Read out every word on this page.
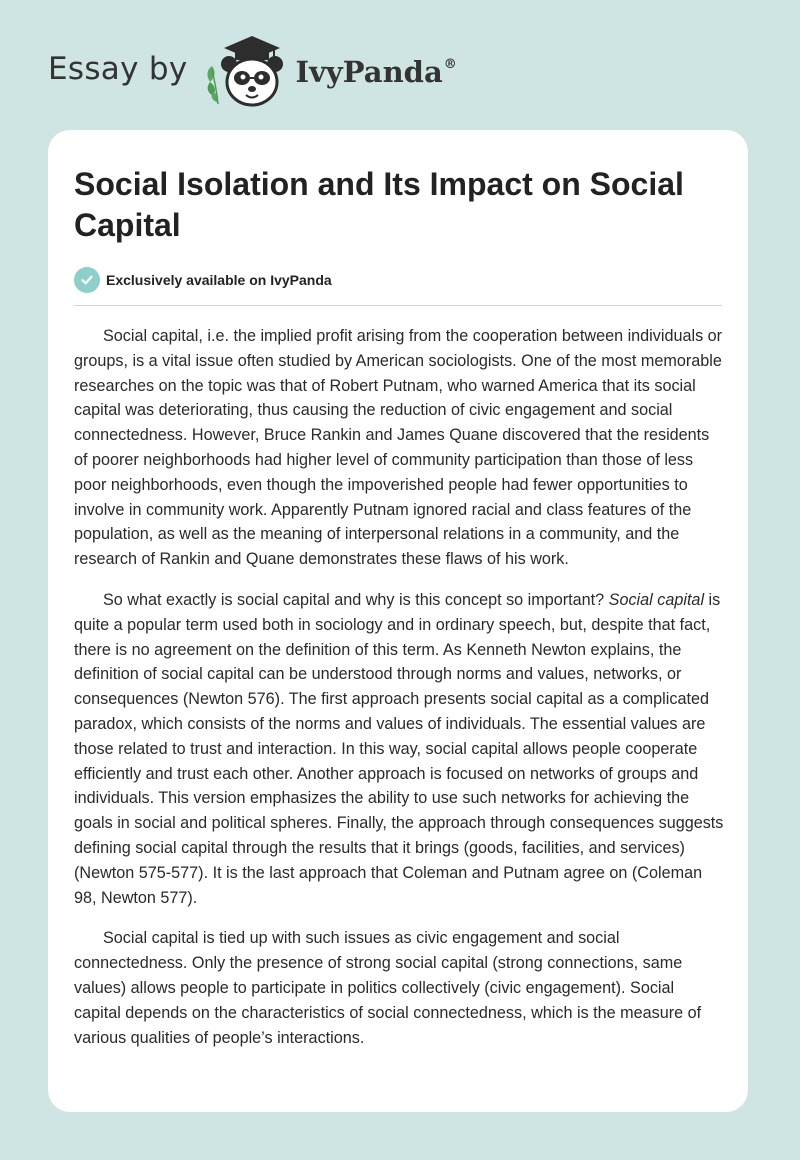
Essay by	IvyPanda®
Social Isolation and Its Impact on Social Capital
Exclusively available on IvyPanda

Social capital, i.e. the implied profit arising from the cooperation between individuals or groups, is a vital issue often studied by American sociologists. One of the most memorable researches on the topic was that of Robert Putnam, who warned America that its social capital was deteriorating, thus causing the reduction of civic engagement and social connectedness. However, Bruce Rankin and James Quane discovered that the residents of poorer neighborhoods had higher level of community participation than those of less poor neighborhoods, even though the impoverished people had fewer opportunities to involve in community work. Apparently Putnam ignored racial and class features of the population, as well as the meaning of interpersonal relations in a community, and the research of Rankin and Quane demonstrates these flaws of his work.

So what exactly is social capital and why is this concept so important? Social capital is quite a popular term used both in sociology and in ordinary speech, but, despite that fact, there is no agreement on the definition of this term. As Kenneth Newton explains, the definition of social capital can be understood through norms and values, networks, or consequences (Newton 576). The first approach presents social capital as a complicated paradox, which consists of the norms and values of individuals. The essential values are those related to trust and interaction. In this way, social capital allows people cooperate efficiently and trust each other. Another approach is focused on networks of groups and individuals. This version emphasizes the ability to use such networks for achieving the goals in social and political spheres. Finally, the approach through consequences suggests defining social capital through the results that it brings (goods, facilities, and services) (Newton 575-577). It is the last approach that Coleman and Putnam agree on (Coleman 98, Newton 577).

Social capital is tied up with such issues as civic engagement and social connectedness. Only the presence of strong social capital (strong connections, same values) allows people to participate in politics collectively (civic engagement). Social capital depends on the characteristics of social connectedness, which is the measure of various qualities of people’s interactions.
